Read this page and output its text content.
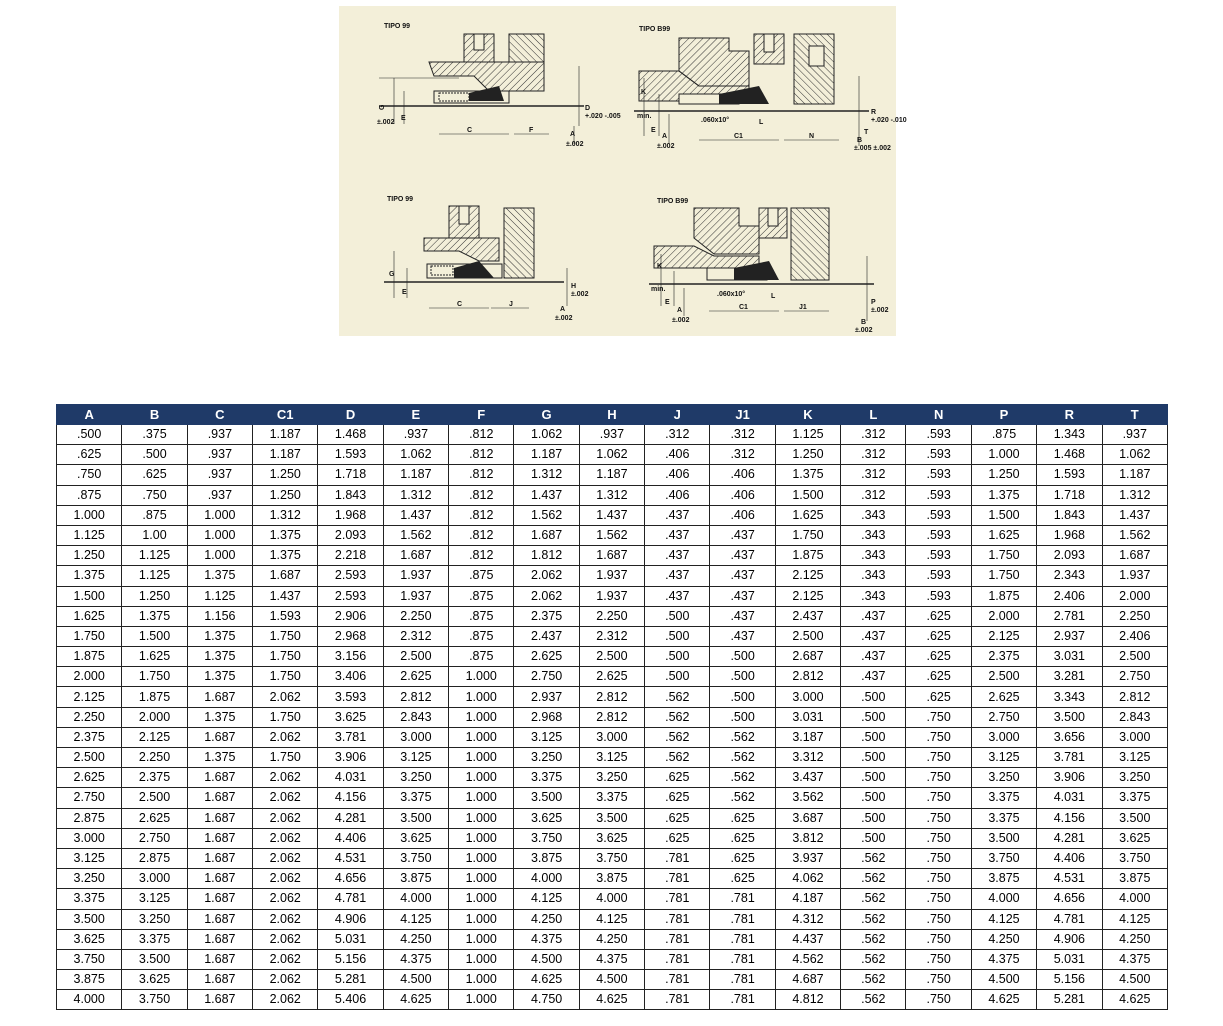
TIPO 99
G
±.002
E
C	F
D
+.020 -.005
A
±.002
TIPO B99
K
min.
E
.060x10°
C1	N
L
R
+.020 -.010
T
B
±.005 ±.002
A
±.002
TIPO 99
G
E
C	J
H
±.002
A
±.002
TIPO B99
K
min.
E
.060x10°
C1	J1
L
P
±.002
B
±.002
A
±.002
A	B	C	C1	D	E	F	G	H	J	J1	K	L	N	P	R	T
.500	.375	.937	1.187	1.468	.937	.812	1.062	.937	.312	.312	1.125	.312	.593	.875	1.343	.937
.625	.500	.937	1.187	1.593	1.062	.812	1.187	1.062	.406	.312	1.250	.312	.593	1.000	1.468	1.062
.750	.625	.937	1.250	1.718	1.187	.812	1.312	1.187	.406	.406	1.375	.312	.593	1.250	1.593	1.187
.875	.750	.937	1.250	1.843	1.312	.812	1.437	1.312	.406	.406	1.500	.312	.593	1.375	1.718	1.312
1.000	.875	1.000	1.312	1.968	1.437	.812	1.562	1.437	.437	.406	1.625	.343	.593	1.500	1.843	1.437
1.125	1.00	1.000	1.375	2.093	1.562	.812	1.687	1.562	.437	.437	1.750	.343	.593	1.625	1.968	1.562
1.250	1.125	1.000	1.375	2.218	1.687	.812	1.812	1.687	.437	.437	1.875	.343	.593	1.750	2.093	1.687
1.375	1.125	1.375	1.687	2.593	1.937	.875	2.062	1.937	.437	.437	2.125	.343	.593	1.750	2.343	1.937
1.500	1.250	1.125	1.437	2.593	1.937	.875	2.062	1.937	.437	.437	2.125	.343	.593	1.875	2.406	2.000
1.625	1.375	1.156	1.593	2.906	2.250	.875	2.375	2.250	.500	.437	2.437	.437	.625	2.000	2.781	2.250
1.750	1.500	1.375	1.750	2.968	2.312	.875	2.437	2.312	.500	.437	2.500	.437	.625	2.125	2.937	2.406
1.875	1.625	1.375	1.750	3.156	2.500	.875	2.625	2.500	.500	.500	2.687	.437	.625	2.375	3.031	2.500
2.000	1.750	1.375	1.750	3.406	2.625	1.000	2.750	2.625	.500	.500	2.812	.437	.625	2.500	3.281	2.750
2.125	1.875	1.687	2.062	3.593	2.812	1.000	2.937	2.812	.562	.500	3.000	.500	.625	2.625	3.343	2.812
2.250	2.000	1.375	1.750	3.625	2.843	1.000	2.968	2.812	.562	.500	3.031	.500	.750	2.750	3.500	2.843
2.375	2.125	1.687	2.062	3.781	3.000	1.000	3.125	3.000	.562	.562	3.187	.500	.750	3.000	3.656	3.000
2.500	2.250	1.375	1.750	3.906	3.125	1.000	3.250	3.125	.562	.562	3.312	.500	.750	3.125	3.781	3.125
2.625	2.375	1.687	2.062	4.031	3.250	1.000	3.375	3.250	.625	.562	3.437	.500	.750	3.250	3.906	3.250
2.750	2.500	1.687	2.062	4.156	3.375	1.000	3.500	3.375	.625	.562	3.562	.500	.750	3.375	4.031	3.375
2.875	2.625	1.687	2.062	4.281	3.500	1.000	3.625	3.500	.625	.625	3.687	.500	.750	3.375	4.156	3.500
3.000	2.750	1.687	2.062	4.406	3.625	1.000	3.750	3.625	.625	.625	3.812	.500	.750	3.500	4.281	3.625
3.125	2.875	1.687	2.062	4.531	3.750	1.000	3.875	3.750	.781	.625	3.937	.562	.750	3.750	4.406	3.750
3.250	3.000	1.687	2.062	4.656	3.875	1.000	4.000	3.875	.781	.625	4.062	.562	.750	3.875	4.531	3.875
3.375	3.125	1.687	2.062	4.781	4.000	1.000	4.125	4.000	.781	.781	4.187	.562	.750	4.000	4.656	4.000
3.500	3.250	1.687	2.062	4.906	4.125	1.000	4.250	4.125	.781	.781	4.312	.562	.750	4.125	4.781	4.125
3.625	3.375	1.687	2.062	5.031	4.250	1.000	4.375	4.250	.781	.781	4.437	.562	.750	4.250	4.906	4.250
3.750	3.500	1.687	2.062	5.156	4.375	1.000	4.500	4.375	.781	.781	4.562	.562	.750	4.375	5.031	4.375
3.875	3.625	1.687	2.062	5.281	4.500	1.000	4.625	4.500	.781	.781	4.687	.562	.750	4.500	5.156	4.500
4.000	3.750	1.687	2.062	5.406	4.625	1.000	4.750	4.625	.781	.781	4.812	.562	.750	4.625	5.281	4.625
